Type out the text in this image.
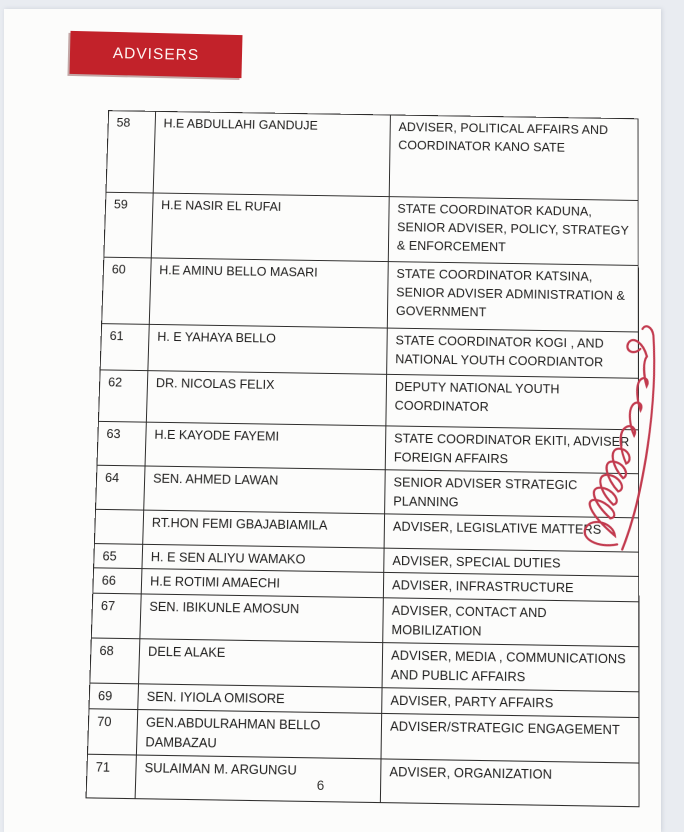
ADVISERS
58	H.E ABDULLAHI GANDUJE	ADVISER, POLITICAL AFFAIRS AND COORDINATOR KANO SATE
59	H.E NASIR EL RUFAI	STATE COORDINATOR KADUNA, SENIOR ADVISER, POLICY, STRATEGY & ENFORCEMENT
60	H.E AMINU BELLO MASARI	STATE COORDINATOR KATSINA, SENIOR ADVISER ADMINISTRATION & GOVERNMENT
61	H. E YAHAYA BELLO	STATE COORDINATOR KOGI , AND NATIONAL YOUTH COORDIANTOR
62	DR. NICOLAS FELIX	DEPUTY NATIONAL YOUTH COORDINATOR
63	H.E KAYODE FAYEMI	STATE COORDINATOR EKITI, ADVISER FOREIGN AFFAIRS
64	SEN. AHMED LAWAN	SENIOR ADVISER STRATEGIC PLANNING
	RT.HON FEMI GBAJABIAMILA	ADVISER, LEGISLATIVE MATTERS
65	H. E SEN ALIYU WAMAKO	ADVISER, SPECIAL DUTIES
66	H.E ROTIMI AMAECHI	ADVISER, INFRASTRUCTURE
67	SEN. IBIKUNLE AMOSUN	ADVISER, CONTACT AND MOBILIZATION
68	DELE ALAKE	ADVISER, MEDIA , COMMUNICATIONS AND PUBLIC AFFAIRS
69	SEN. IYIOLA OMISORE	ADVISER, PARTY AFFAIRS
70	GEN.ABDULRAHMAN BELLO DAMBAZAU	ADVISER/STRATEGIC ENGAGEMENT
71	SULAIMAN M. ARGUNGU	ADVISER, ORGANIZATION
6
